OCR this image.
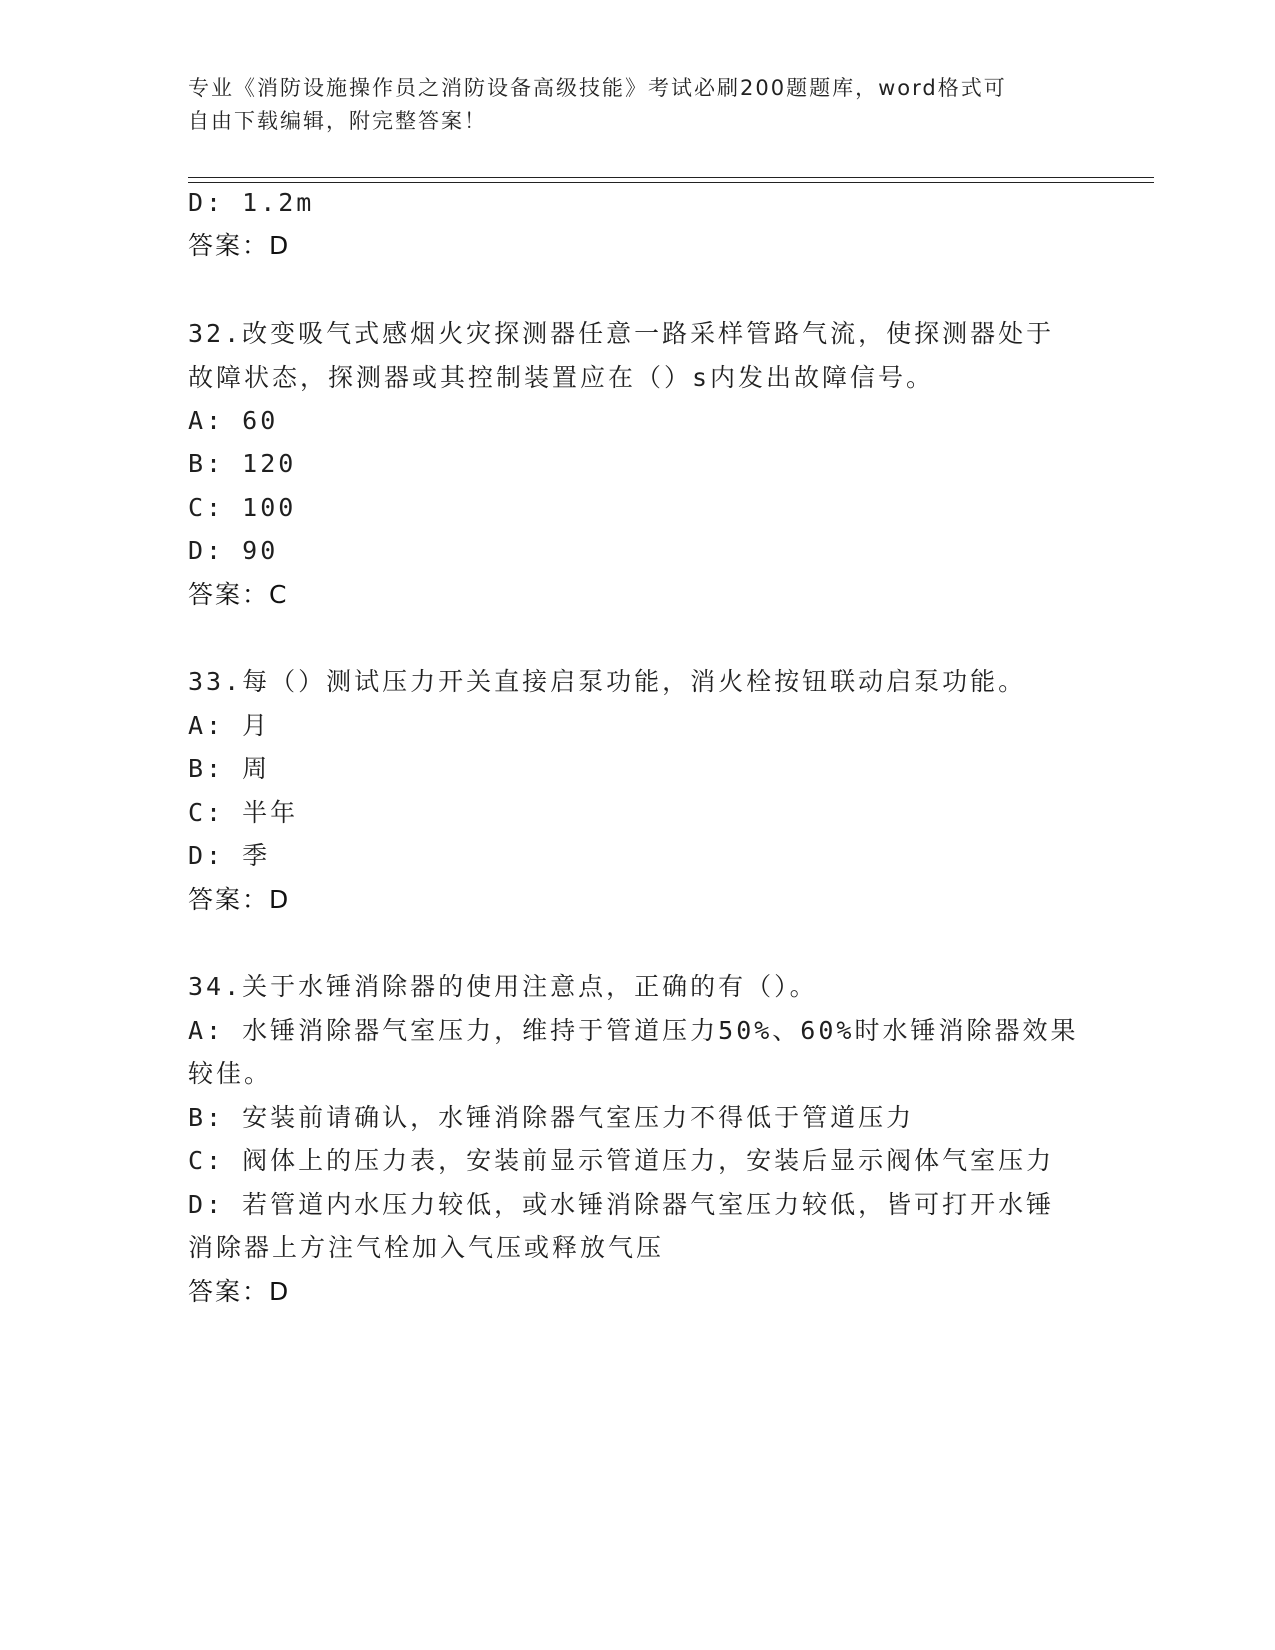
专业《消防设施操作员之消防设备高级技能》考试必刷200题题库，word格式可
自由下载编辑，附完整答案！
D: 1.2m
答案：D
32.改变吸气式感烟火灾探测器任意一路采样管路气流，使探测器处于
故障状态，探测器或其控制装置应在（）s内发出故障信号。
A: 60
B: 120
C: 100
D: 90
答案：C
33.每（）测试压力开关直接启泵功能，消火栓按钮联动启泵功能。
A: 月
B: 周
C: 半年
D: 季
答案：D
34.关于水锤消除器的使用注意点，正确的有（）。
A: 水锤消除器气室压力，维持于管道压力50%、60%时水锤消除器效果
较佳。
B: 安装前请确认，水锤消除器气室压力不得低于管道压力
C: 阀体上的压力表，安装前显示管道压力，安装后显示阀体气室压力
D: 若管道内水压力较低，或水锤消除器气室压力较低，皆可打开水锤
消除器上方注气栓加入气压或释放气压
答案：D
